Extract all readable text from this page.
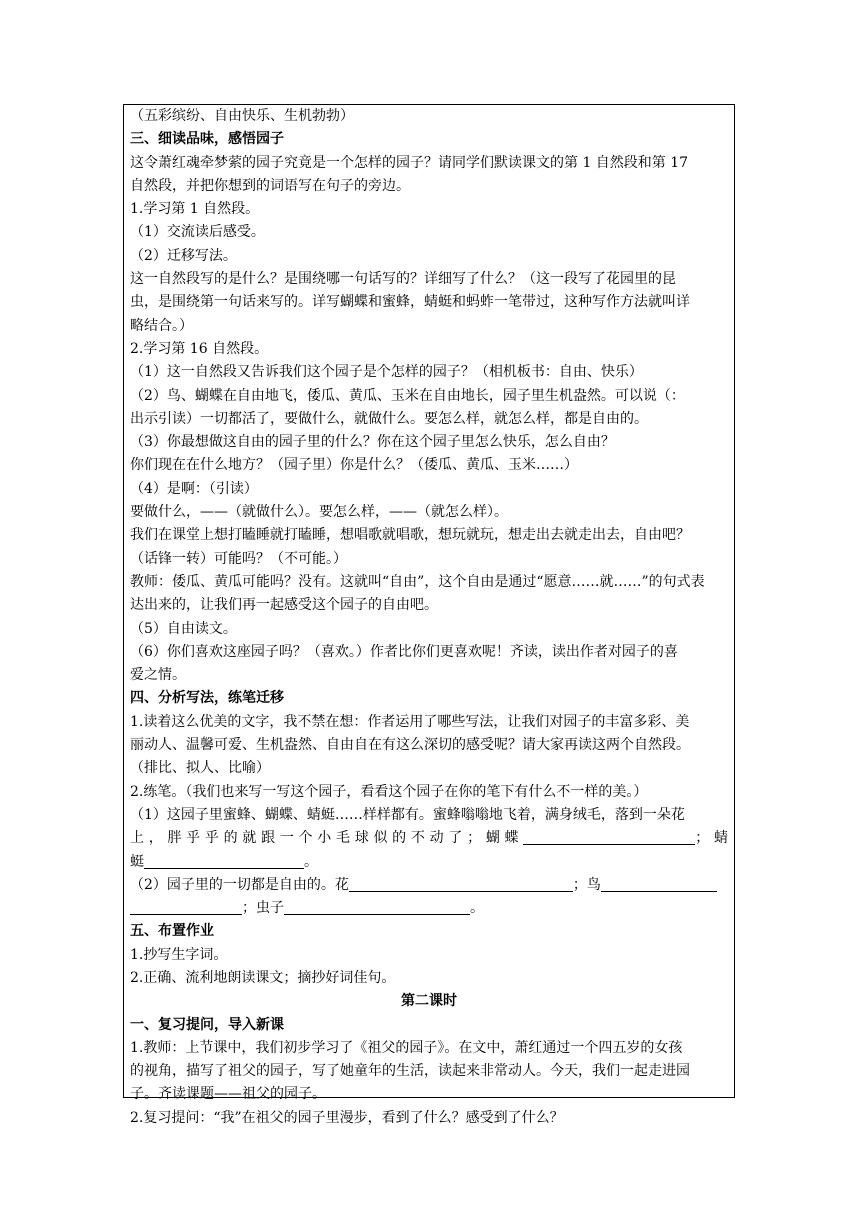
（五彩缤纷、自由快乐、生机勃勃）
三、细读品味，感悟园子
这令萧红魂牵梦萦的园子究竟是一个怎样的园子？请同学们默读课文的第 1 自然段和第 17
自然段，并把你想到的词语写在句子的旁边。
1.学习第 1 自然段。
（1）交流读后感受。
（2）迁移写法。
这一自然段写的是什么？是围绕哪一句话写的？详细写了什么？（这一段写了花园里的昆
虫，是围绕第一句话来写的。详写蝴蝶和蜜蜂，蜻蜓和蚂蚱一笔带过，这种写作方法就叫详
略结合。）
2.学习第 16 自然段。
（1）这一自然段又告诉我们这个园子是个怎样的园子？（相机板书：自由、快乐）
（2）鸟、蝴蝶在自由地飞，倭瓜、黄瓜、玉米在自由地长，园子里生机盎然。可以说（：
出示引读）一切都活了，要做什么，就做什么。要怎么样，就怎么样，都是自由的。
（3）你最想做这自由的园子里的什么？你在这个园子里怎么快乐，怎么自由？
你们现在在什么地方？（园子里）你是什么？（倭瓜、黄瓜、玉米……）
（4）是啊：（引读）
要做什么，——（就做什么）。要怎么样，——（就怎么样）。
我们在课堂上想打瞌睡就打瞌睡，想唱歌就唱歌，想玩就玩，想走出去就走出去，自由吧？
（话锋一转）可能吗？（不可能。）
教师：倭瓜、黄瓜可能吗？没有。这就叫“自由”，这个自由是通过“愿意……就……”的句式表
达出来的，让我们再一起感受这个园子的自由吧。
（5）自由读文。
（6）你们喜欢这座园子吗？（喜欢。）作者比你们更喜欢呢！齐读，读出作者对园子的喜
爱之情。
四、分析写法，练笔迁移
1.读着这么优美的文字，我不禁在想：作者运用了哪些写法，让我们对园子的丰富多彩、美
丽动人、温馨可爱、生机盎然、自由自在有这么深切的感受呢？请大家再读这两个自然段。
（排比、拟人、比喻）
2.练笔。（我们也来写一写这个园子，看看这个园子在你的笔下有什么不一样的美。）
（1）这园子里蜜蜂、蝴蝶、蜻蜓……样样都有。蜜蜂嗡嗡地飞着，满身绒毛，落到一朵花
上，胖乎乎的就跟一个小毛球似的不动了；蝴蝶	；蜻
蜓	。
（2）园子里的一切都是自由的。花	；鸟
；虫子	。
五、布置作业
1.抄写生字词。
2.正确、流利地朗读课文；摘抄好词佳句。
第二课时
一、复习提问，导入新课
1.教师：上节课中，我们初步学习了《祖父的园子》。在文中，萧红通过一个四五岁的女孩
的视角，描写了祖父的园子，写了她童年的生活，读起来非常动人。今天，我们一起走进园
子。齐读课题——祖父的园子。
2.复习提问：“我”在祖父的园子里漫步，看到了什么？感受到了什么？
